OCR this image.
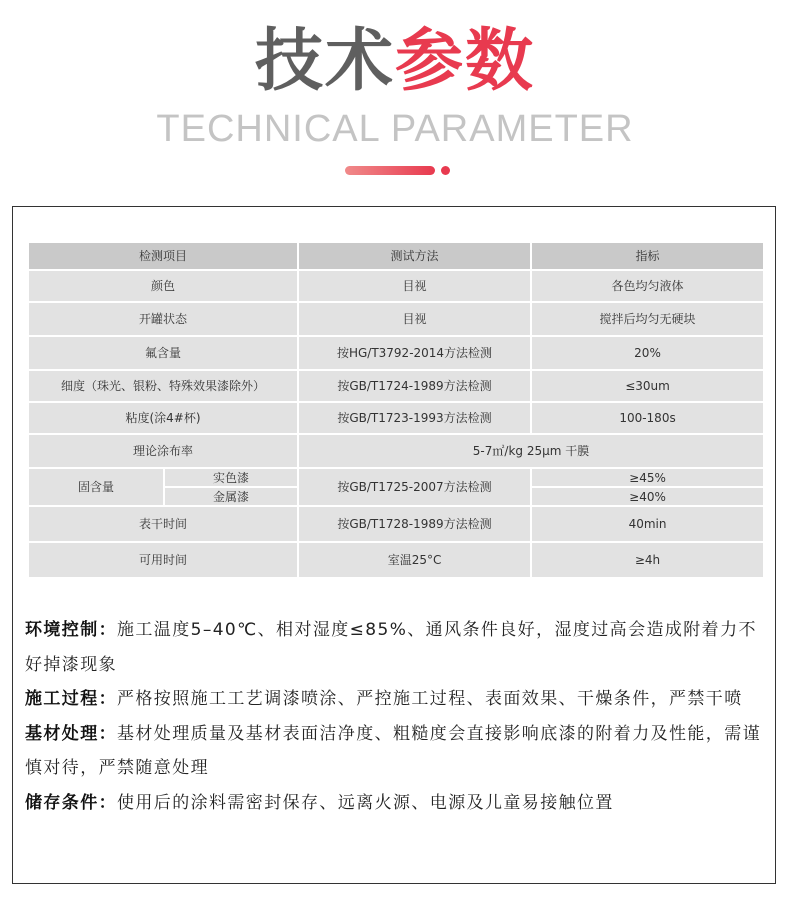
技术参数
TECHNICAL PARAMETER
检测项目		测试方法	指标
颜色		目视	各色均匀液体
开罐状态		目视	搅拌后均匀无硬块
氟含量		按HG/T3792-2014方法检测	20%
细度（珠光、银粉、特殊效果漆除外）		按GB/T1724-1989方法检测	≤30um
粘度(涂4#杯)		按GB/T1723-1993方法检测	100-180s
理论涂布率		5-7㎡/kg 25μm 干膜	
固含量	实色漆	按GB/T1725-2007方法检测	≥45%
	金属漆		≥40%
表干时间		按GB/T1728-1989方法检测	40min
可用时间		室温25°C	≥4h

环境控制：施工温度5–40℃、相对湿度≤85%、通风条件良好，湿度过高会造成附着力不好掉漆现象

施工过程：严格按照施工工艺调漆喷涂、严控施工过程、表面效果、干燥条件，严禁干喷

基材处理：基材处理质量及基材表面洁净度、粗糙度会直接影响底漆的附着力及性能，需谨慎对待，严禁随意处理

储存条件：使用后的涂料需密封保存、远离火源、电源及儿童易接触位置
